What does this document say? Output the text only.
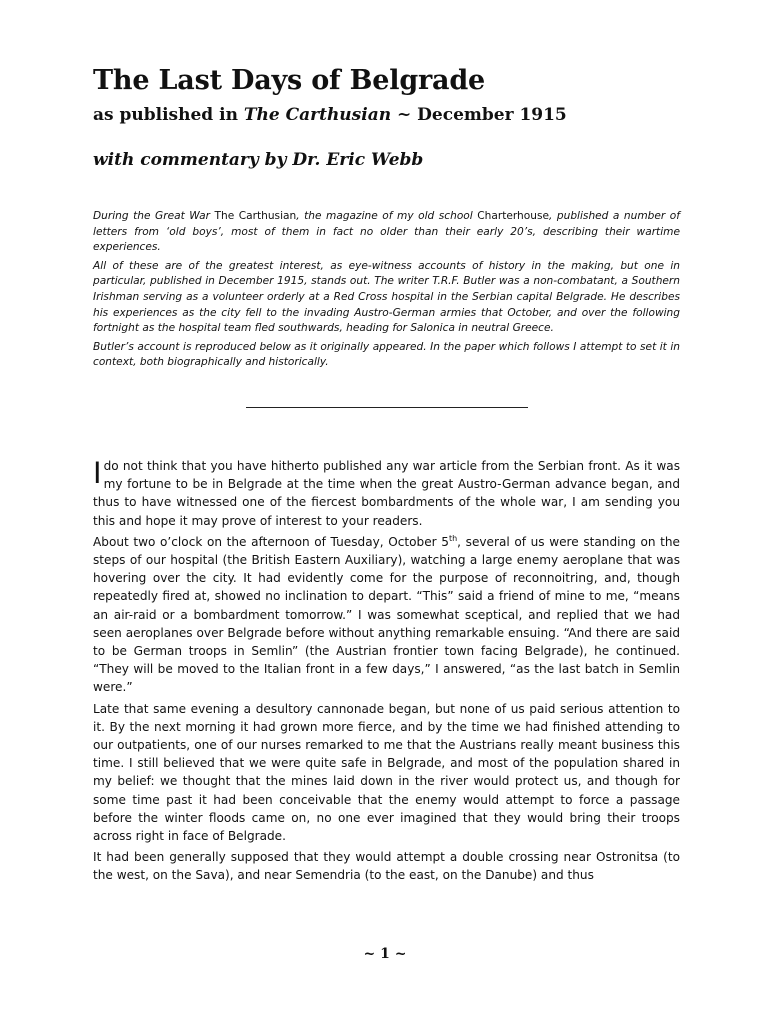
The Last Days of Belgrade
as published in The Carthusian ~ December 1915
with commentary by Dr. Eric Webb

During the Great War The Carthusian, the magazine of my old school Charterhouse, published a number of letters from ‘old boys’, most of them in fact no older than their early 20’s, describing their wartime experiences.

All of these are of the greatest interest, as eye-witness accounts of history in the making, but one in particular, published in December 1915, stands out. The writer T.R.F. Butler was a non-combatant, a Southern Irishman serving as a volunteer orderly at a Red Cross hospital in the Serbian capital Belgrade. He describes his experiences as the city fell to the invading Austro-German armies that October, and over the following fortnight as the hospital team fled southwards, heading for Salonica in neutral Greece.

Butler’s account is reproduced below as it originally appeared. In the paper which follows I attempt to set it in context, both biographically and historically.

Ido not think that you have hitherto published any war article from the Serbian front. As it was my fortune to be in Belgrade at the time when the great Austro-German advance began, and thus to have witnessed one of the fiercest bombardments of the whole war, I am sending you this and hope it may prove of interest to your readers.

About two o’clock on the afternoon of Tuesday, October 5th, several of us were standing on the steps of our hospital (the British Eastern Auxiliary), watching a large enemy aeroplane that was hovering over the city. It had evidently come for the purpose of reconnoitring, and, though repeatedly fired at, showed no inclination to depart. “This” said a friend of mine to me, “means an air-raid or a bombardment tomorrow.” I was somewhat sceptical, and replied that we had seen aeroplanes over Belgrade before without anything remarkable ensuing. “And there are said to be German troops in Semlin” (the Austrian frontier town facing Belgrade), he continued. “They will be moved to the Italian front in a few days,” I answered, “as the last batch in Semlin were.”

Late that same evening a desultory cannonade began, but none of us paid serious attention to it. By the next morning it had grown more fierce, and by the time we had finished attending to our outpatients, one of our nurses remarked to me that the Austrians really meant business this time. I still believed that we were quite safe in Belgrade, and most of the population shared in my belief: we thought that the mines laid down in the river would protect us, and though for some time past it had been conceivable that the enemy would attempt to force a passage before the winter floods came on, no one ever imagined that they would bring their troops across right in face of Belgrade.

It had been generally supposed that they would attempt a double crossing near Ostronitsa (to the west, on the Sava), and near Semendria (to the east, on the Danube) and thus

~ 1 ~
